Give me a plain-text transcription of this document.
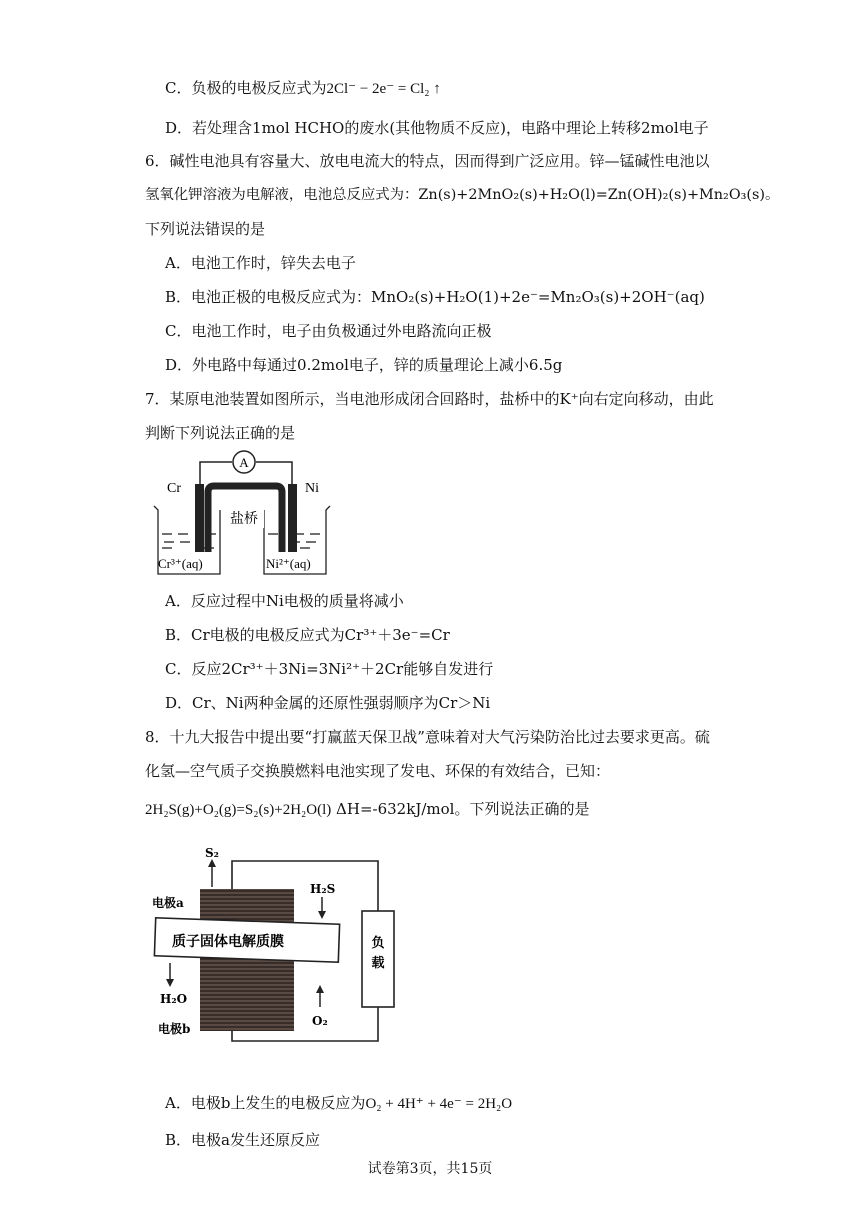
C．负极的电极反应式为2Cl⁻ − 2e⁻ = Cl₂ ↑
D．若处理含1mol HCHO的废水(其他物质不反应)，电路中理论上转移2mol电子
6．碱性电池具有容量大、放电电流大的特点，因而得到广泛应用。锌—锰碱性电池以
氢氧化钾溶液为电解液，电池总反应式为：Zn(s)+2MnO₂(s)+H₂O(l)=Zn(OH)₂(s)+Mn₂O₃(s)。
下列说法错误的是
A．电池工作时，锌失去电子
B．电池正极的电极反应式为：MnO₂(s)+H₂O(1)+2e⁻=Mn₂O₃(s)+2OH⁻(aq)
C．电池工作时，电子由负极通过外电路流向正极
D．外电路中每通过0.2mol电子，锌的质量理论上减小6.5g
7．某原电池装置如图所示，当电池形成闭合回路时，盐桥中的K⁺向右定向移动，由此
判断下列说法正确的是
A
盐桥
Cr	Ni
Cr³⁺(aq)	Ni²⁺(aq)
A．反应过程中Ni电极的质量将减小
B．Cr电极的电极反应式为Cr³⁺＋3e⁻=Cr
C．反应2Cr³⁺＋3Ni=3Ni²⁺＋2Cr能够自发进行
D．Cr、Ni两种金属的还原性强弱顺序为Cr＞Ni
8．十九大报告中提出要“打赢蓝天保卫战”意味着对大气污染防治比过去要求更高。硫
化氢—空气质子交换膜燃料电池实现了发电、环保的有效结合，已知：
2H₂S(g)+O₂(g)=S₂(s)+2H₂O(l) ΔH=-632kJ/mol。下列说法正确的是
负
载
质子固体电解质膜
S₂
H₂S
H₂O
O₂
电极a
电极b
A．电极b上发生的电极反应为O₂ + 4H⁺ + 4e⁻ = 2H₂O
B．电极a发生还原反应
试卷第3页，共15页
